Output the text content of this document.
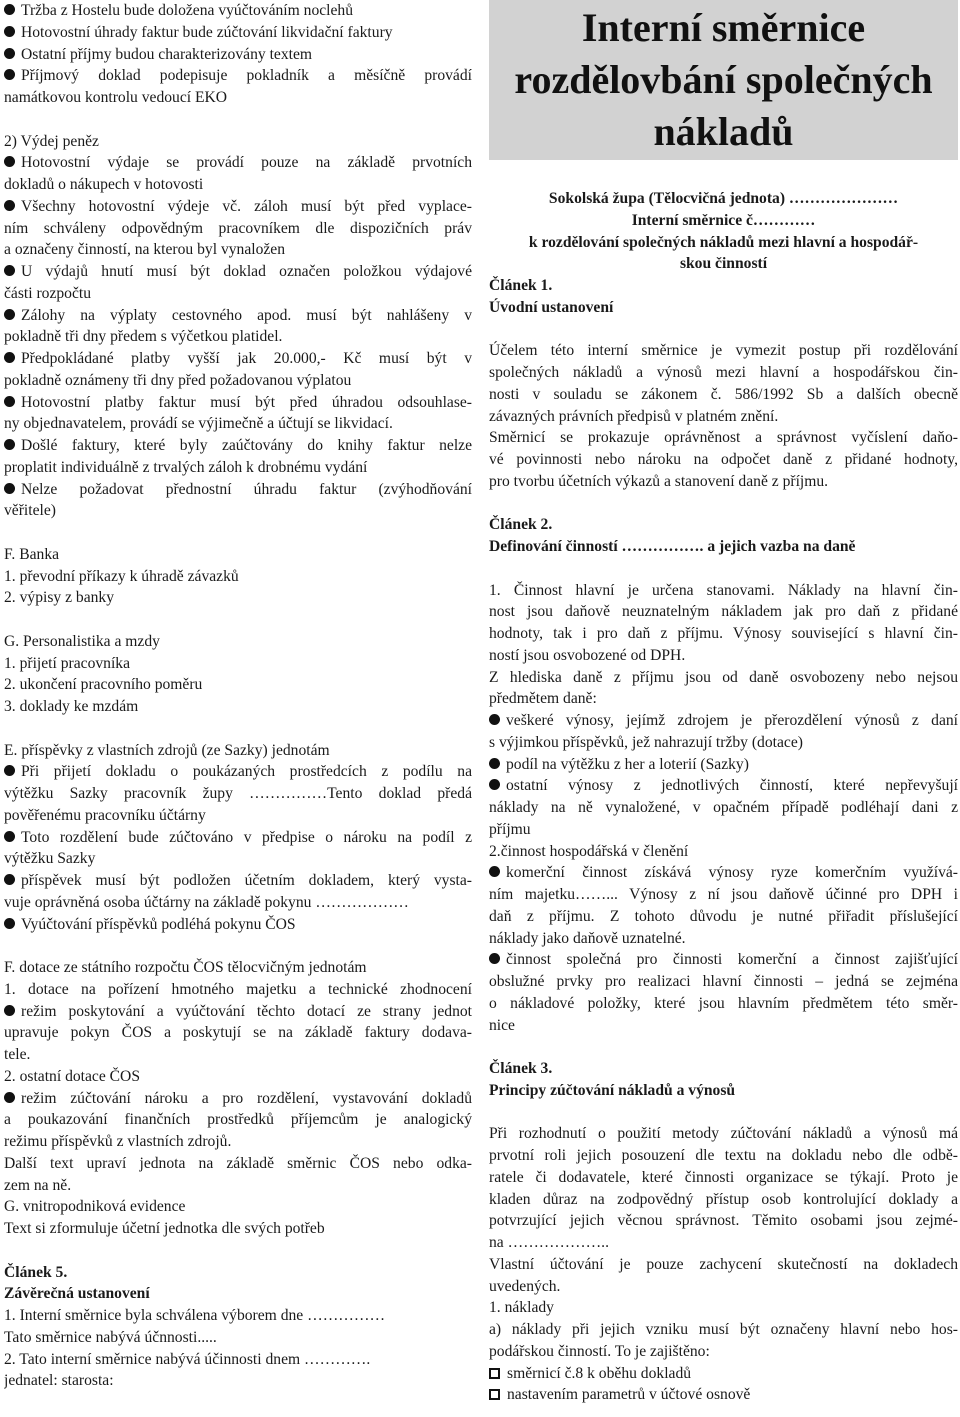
Tržba z Hostelu bude doložena vyúčtováním noclehů
Hotovostní úhrady faktur bude zúčtování likvidační faktury
Ostatní příjmy budou charakterizovány textem
Příjmový doklad podepisuje pokladník a měsíčně provádí
namátkovou kontrolu vedoucí EKO
2) Výdej peněz
Hotovostní výdaje se provádí pouze na základě prvotních
dokladů o nákupech v hotovosti
Všechny hotovostní výdeje vč. záloh musí být před vyplace-
ním schváleny odpovědným pracovníkem dle dispozičních práv
a označeny činností, na kterou byl vynaložen
U výdajů hnutí musí být doklad označen položkou výdajové
části rozpočtu
Zálohy na výplaty cestovného apod. musí být nahlášeny v
pokladně tři dny předem s výčetkou platidel.
Předpokládané platby vyšší jak 20.000,- Kč musí být v
pokladně oznámeny tři dny před požadovanou výplatou
Hotovostní platby faktur musí být před úhradou odsouhlase-
ny objednavatelem, provádí se výjimečně a účtují se likvidací.
Došlé faktury, které byly zaúčtovány do knihy faktur nelze
proplatit individuálně z trvalých záloh k drobnému vydání
Nelze požadovat přednostní úhradu faktur (zvýhodňování
věřitele)
F. Banka
1. převodní příkazy k úhradě závazků
2. výpisy z banky
G. Personalistika a mzdy
1. přijetí pracovníka
2. ukončení pracovního poměru
3. doklady ke mzdám
E. příspěvky z vlastních zdrojů (ze Sazky) jednotám
Při přijetí dokladu o poukázaných prostředcích z podílu na
výtěžku Sazky pracovník župy ……………Tento doklad předá
pověřenému pracovníku účtárny
Toto rozdělení bude zúčtováno v předpise o nároku na podíl z
výtěžku Sazky
příspěvek musí být podložen účetním dokladem, který vysta-
vuje oprávněná osoba účtárny na základě pokynu ………………
Vyúčtování příspěvků podléhá pokynu ČOS
F. dotace ze státního rozpočtu ČOS tělocvičným jednotám
1. dotace na pořízení hmotného majetku a technické zhodnocení
režim poskytování a vyúčtování těchto dotací ze strany jednot
upravuje pokyn ČOS a poskytují se na základě faktury dodava-
tele.
2. ostatní dotace ČOS
režim zúčtování nároku a pro rozdělení, vystavování dokladů
a poukazování finančních prostředků příjemcům je analogický
režimu příspěvků z vlastních zdrojů.
Další text upraví jednota na základě směrnic ČOS nebo odka-
zem na ně.
G. vnitropodniková evidence
Text si zformuluje účetní jednotka dle svých potřeb
Článek 5.
Závěrečná ustanovení
1. Interní směrnice byla schválena výborem dne ……………
Tato směrnice nabývá účnnosti.....
2. Tato interní směrnice nabývá účinnosti dnem ………….
jednatel: starosta:
Interní směrnice
rozdělovbání společných
nákladů
Sokolská župa (Tělocvičná jednota) …………………
Interní směrnice č…………
k rozdělování společných nákladů mezi hlavní a hospodář-
skou činností
Článek 1.
Úvodní ustanovení
Účelem této interní směrnice je vymezit postup při rozdělování
společných nákladů a výnosů mezi hlavní a hospodářskou čin-
nosti v souladu se zákonem č. 586/1992 Sb a dalších obecně
závazných právních předpisů v platném znění.
Směrnicí se prokazuje oprávněnost a správnost vyčíslení daňo-
vé povinnosti nebo nároku na odpočet daně z přidané hodnoty,
pro tvorbu účetních výkazů a stanovení daně z příjmu.
Článek 2.
Definování činností ……………. a jejich vazba na daně
1. Činnost hlavní je určena stanovami. Náklady na hlavní čin-
nost jsou daňově neuznatelným nákladem jak pro daň z přidané
hodnoty, tak i pro daň z příjmu. Výnosy související s hlavní čin-
ností jsou osvobozené od DPH.
Z hlediska daně z příjmu jsou od daně osvobozeny nebo nejsou
předmětem daně:
veškeré výnosy, jejímž zdrojem je přerozdělení výnosů z daní
s výjimkou příspěvků, jež nahrazují tržby (dotace)
podíl na výtěžku z her a loterií (Sazky)
ostatní výnosy z jednotlivých činností, které nepřevyšují
náklady na ně vynaložené, v opačném případě podléhají dani z
příjmu
2.činnost hospodářská v členění
komerční činnost získává výnosy ryze komerčním využívá-
ním majetku……... Výnosy z ní jsou daňově účinné pro DPH i
daň z příjmu. Z tohoto důvodu je nutné přiřadit příslušející
náklady jako daňově uznatelné.
činnost společná pro činnosti komerční a činnost zajišťující
obslužné prvky pro realizaci hlavní činnosti – jedná se zejména
o nákladové položky, které jsou hlavním předmětem této směr-
nice
Článek 3.
Principy zúčtování nákladů a výnosů
Při rozhodnutí o použití metody zúčtování nákladů a výnosů má
prvotní roli jejich posouzení dle textu na dokladu nebo dle odbě-
ratele či dodavatele, které činnosti organizace se týkají. Proto je
kladen důraz na zodpovědný přístup osob kontrolující doklady a
potvrzující jejich věcnou správnost. Těmito osobami jsou zejmé-
na ………………..
Vlastní účtování je pouze zachycení skutečností na dokladech
uvedených.
1. náklady
a) náklady při jejich vzniku musí být označeny hlavní nebo hos-
podářskou činností. To je zajištěno:
směrnicí č.8 k oběhu dokladů
nastavením parametrů v účtové osnově
